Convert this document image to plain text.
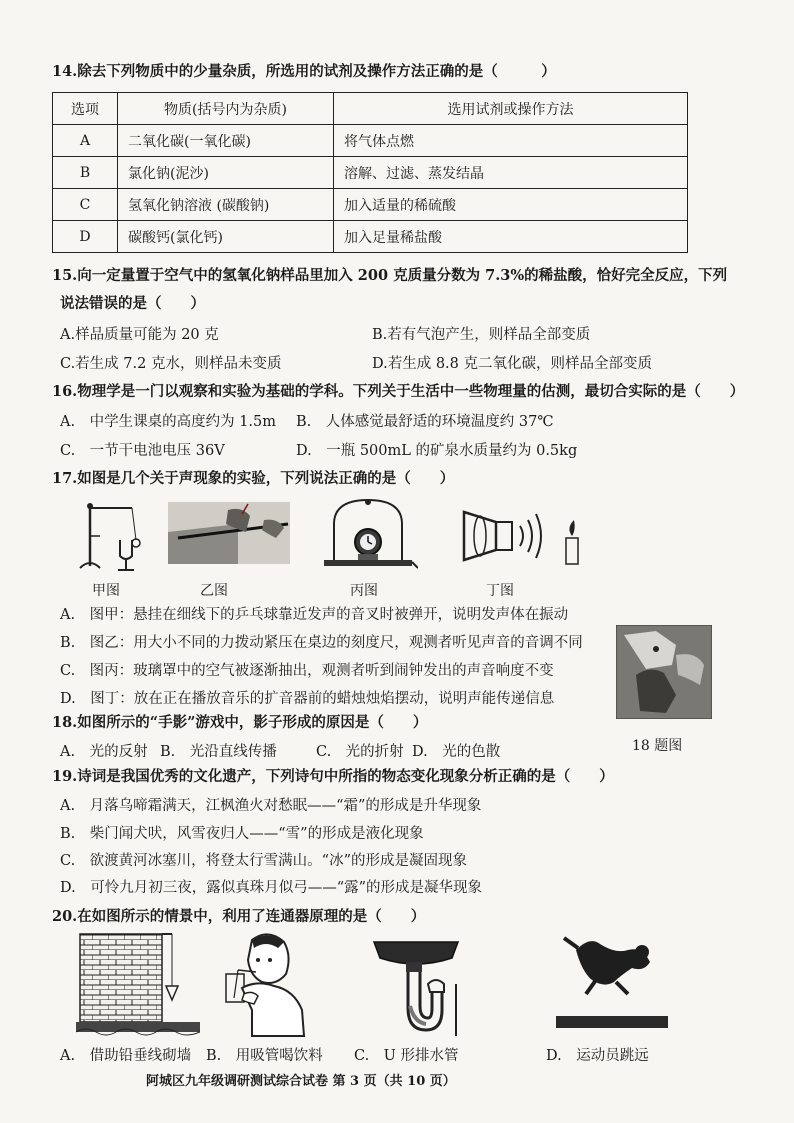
14.除去下列物质中的少量杂质，所选用的试剂及操作方法正确的是（　　　）
选项	物质(括号内为杂质)	选用试剂或操作方法
A	二氧化碳(一氧化碳)	将气体点燃
B	氯化钠(泥沙)	溶解、过滤、蒸发结晶
C	氢氧化钠溶液 (碳酸钠)	加入适量的稀硫酸
D	碳酸钙(氯化钙)	加入足量稀盐酸
15.向一定量置于空气中的氢氧化钠样品里加入 200 克质量分数为 7.3%的稀盐酸，恰好完全反应，下列
说法错误的是（　　）
A.样品质量可能为 20 克	B.若有气泡产生，则样品全部变质
C.若生成 7.2 克水，则样品未变质	D.若生成 8.8 克二氧化碳，则样品全部变质
16.物理学是一门以观察和实验为基础的学科。下列关于生活中一些物理量的估测，最切合实际的是（　　）
A.　中学生课桌的高度约为 1.5m B.　人体感觉最舒适的环境温度约 37℃
C.　一节干电池电压 36V	D.　一瓶 500mL 的矿泉水质量约为 0.5kg
17.如图是几个关于声现象的实验，下列说法正确的是（　　）
甲图	乙图	丙图	丁图
A.　图甲：悬挂在细线下的乒乓球靠近发声的音叉时被弹开，说明发声体在振动
B.　图乙：用大小不同的力拨动紧压在桌边的刻度尺，观测者听见声音的音调不同
C.　图丙：玻璃罩中的空气被逐渐抽出，观测者听到闹钟发出的声音响度不变
D.　图丁：放在正在播放音乐的扩音器前的蜡烛烛焰摆动，说明声能传递信息
18 题图
18.如图所示的“手影”游戏中，影子形成的原因是（　　）
A.　光的反射 B.　光沿直线传播	C.　光的折射 D.　光的色散
19.诗词是我国优秀的文化遗产，下列诗句中所指的物态变化现象分析正确的是（　　）
A.　月落乌啼霜满天，江枫渔火对愁眠——“霜”的形成是升华现象
B.　柴门闻犬吠，风雪夜归人——“雪”的形成是液化现象
C.　欲渡黄河冰塞川，将登太行雪满山。“冰”的形成是凝固现象
D.　可怜九月初三夜，露似真珠月似弓——“露”的形成是凝华现象
20.在如图所示的情景中，利用了连通器原理的是（　　）
A.　借助铅垂线砌墙 B.　用吸管喝饮料 C.　U 形排水管	D.　运动员跳远
阿城区九年级调研测试综合试卷 第 3 页（共 10 页）
